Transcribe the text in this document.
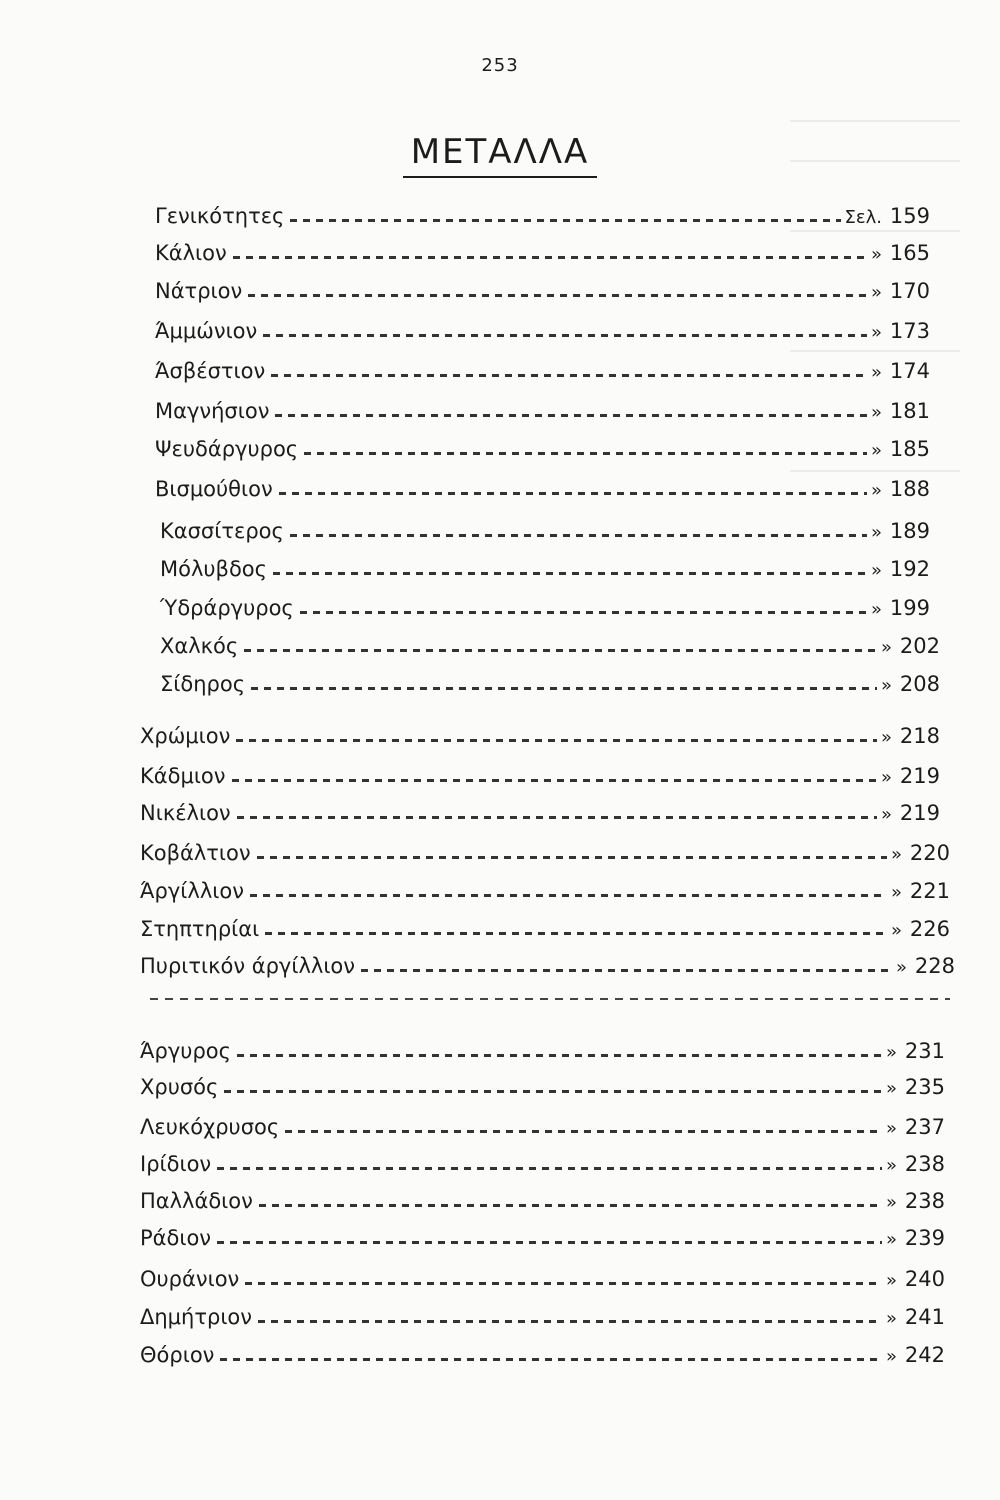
253
ΜΕΤΑΛΛΑ
Γενικότητες	Σελ. 159
Κάλιον	» 165
Νάτριον	» 170
Άμμώνιον	» 173
Άσβέστιον	» 174
Μαγνήσιον	» 181
Ψευδάργυρος	» 185
Βισμούθιον	» 188
Κασσίτερος	» 189
Μόλυβδος	» 192
Ύδράργυρος	» 199
Χαλκός	» 202
Σίδηρος	» 208
Χρώμιον	» 218
Κάδμιον	» 219
Νικέλιον	» 219
Κοβάλτιον	» 220
Άργίλλιον	» 221
Στηπτηρίαι	» 226
Πυριτικόν άργίλλιον	» 228
Άργυρος	» 231
Χρυσός	» 235
Λευκόχρυσος	» 237
Ιρίδιον	» 238
Παλλάδιον	» 238
Ράδιον	» 239
Ουράνιον	» 240
Δημήτριον	» 241
Θόριον	» 242
